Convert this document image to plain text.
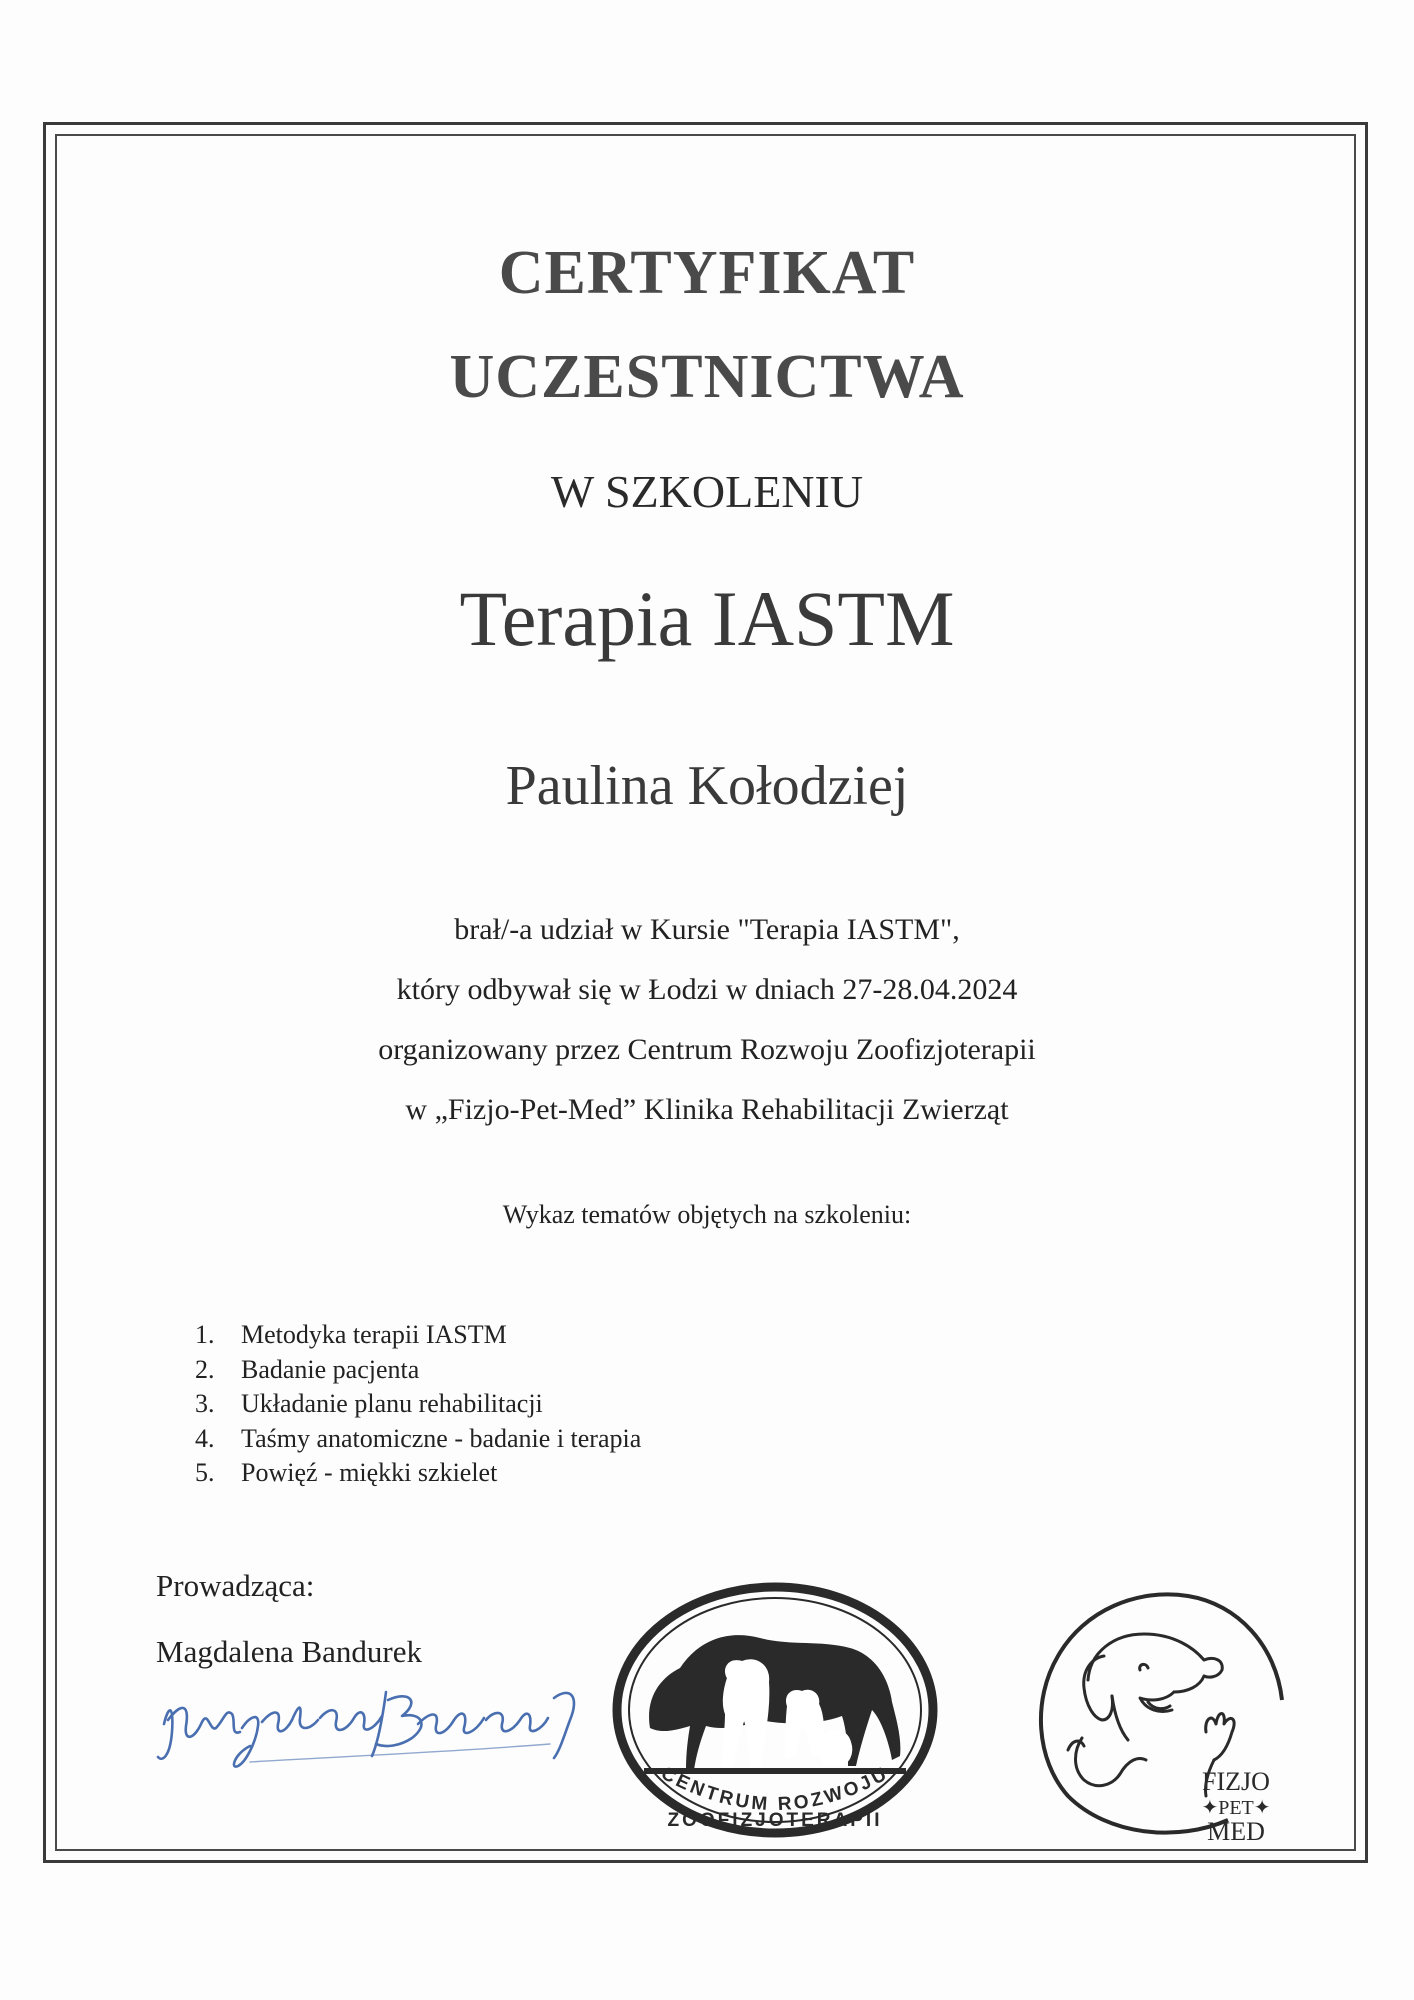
CERTYFIKAT
UCZESTNICTWA
W SZKOLENIU
Terapia IASTM
Paulina Kołodziej
brał/-a udział w Kursie "Terapia IASTM",
który odbywał się w Łodzi w dniach 27-28.04.2024
organizowany przez Centrum Rozwoju Zoofizjoterapii
w „Fizjo-Pet-Med” Klinika Rehabilitacji Zwierząt
Wykaz tematów objętych na szkoleniu:
1.	Metodyka terapii IASTM
2.	Badanie pacjenta
3.	Układanie planu rehabilitacji
4.	Taśmy anatomiczne - badanie i terapia
5.	Powięź - miękki szkielet
Prowadząca:
Magdalena Bandurek
CENTRUM ROZWOJU
ZOOFIZJOTERAPII
FIZJO
✦PET✦
MED
